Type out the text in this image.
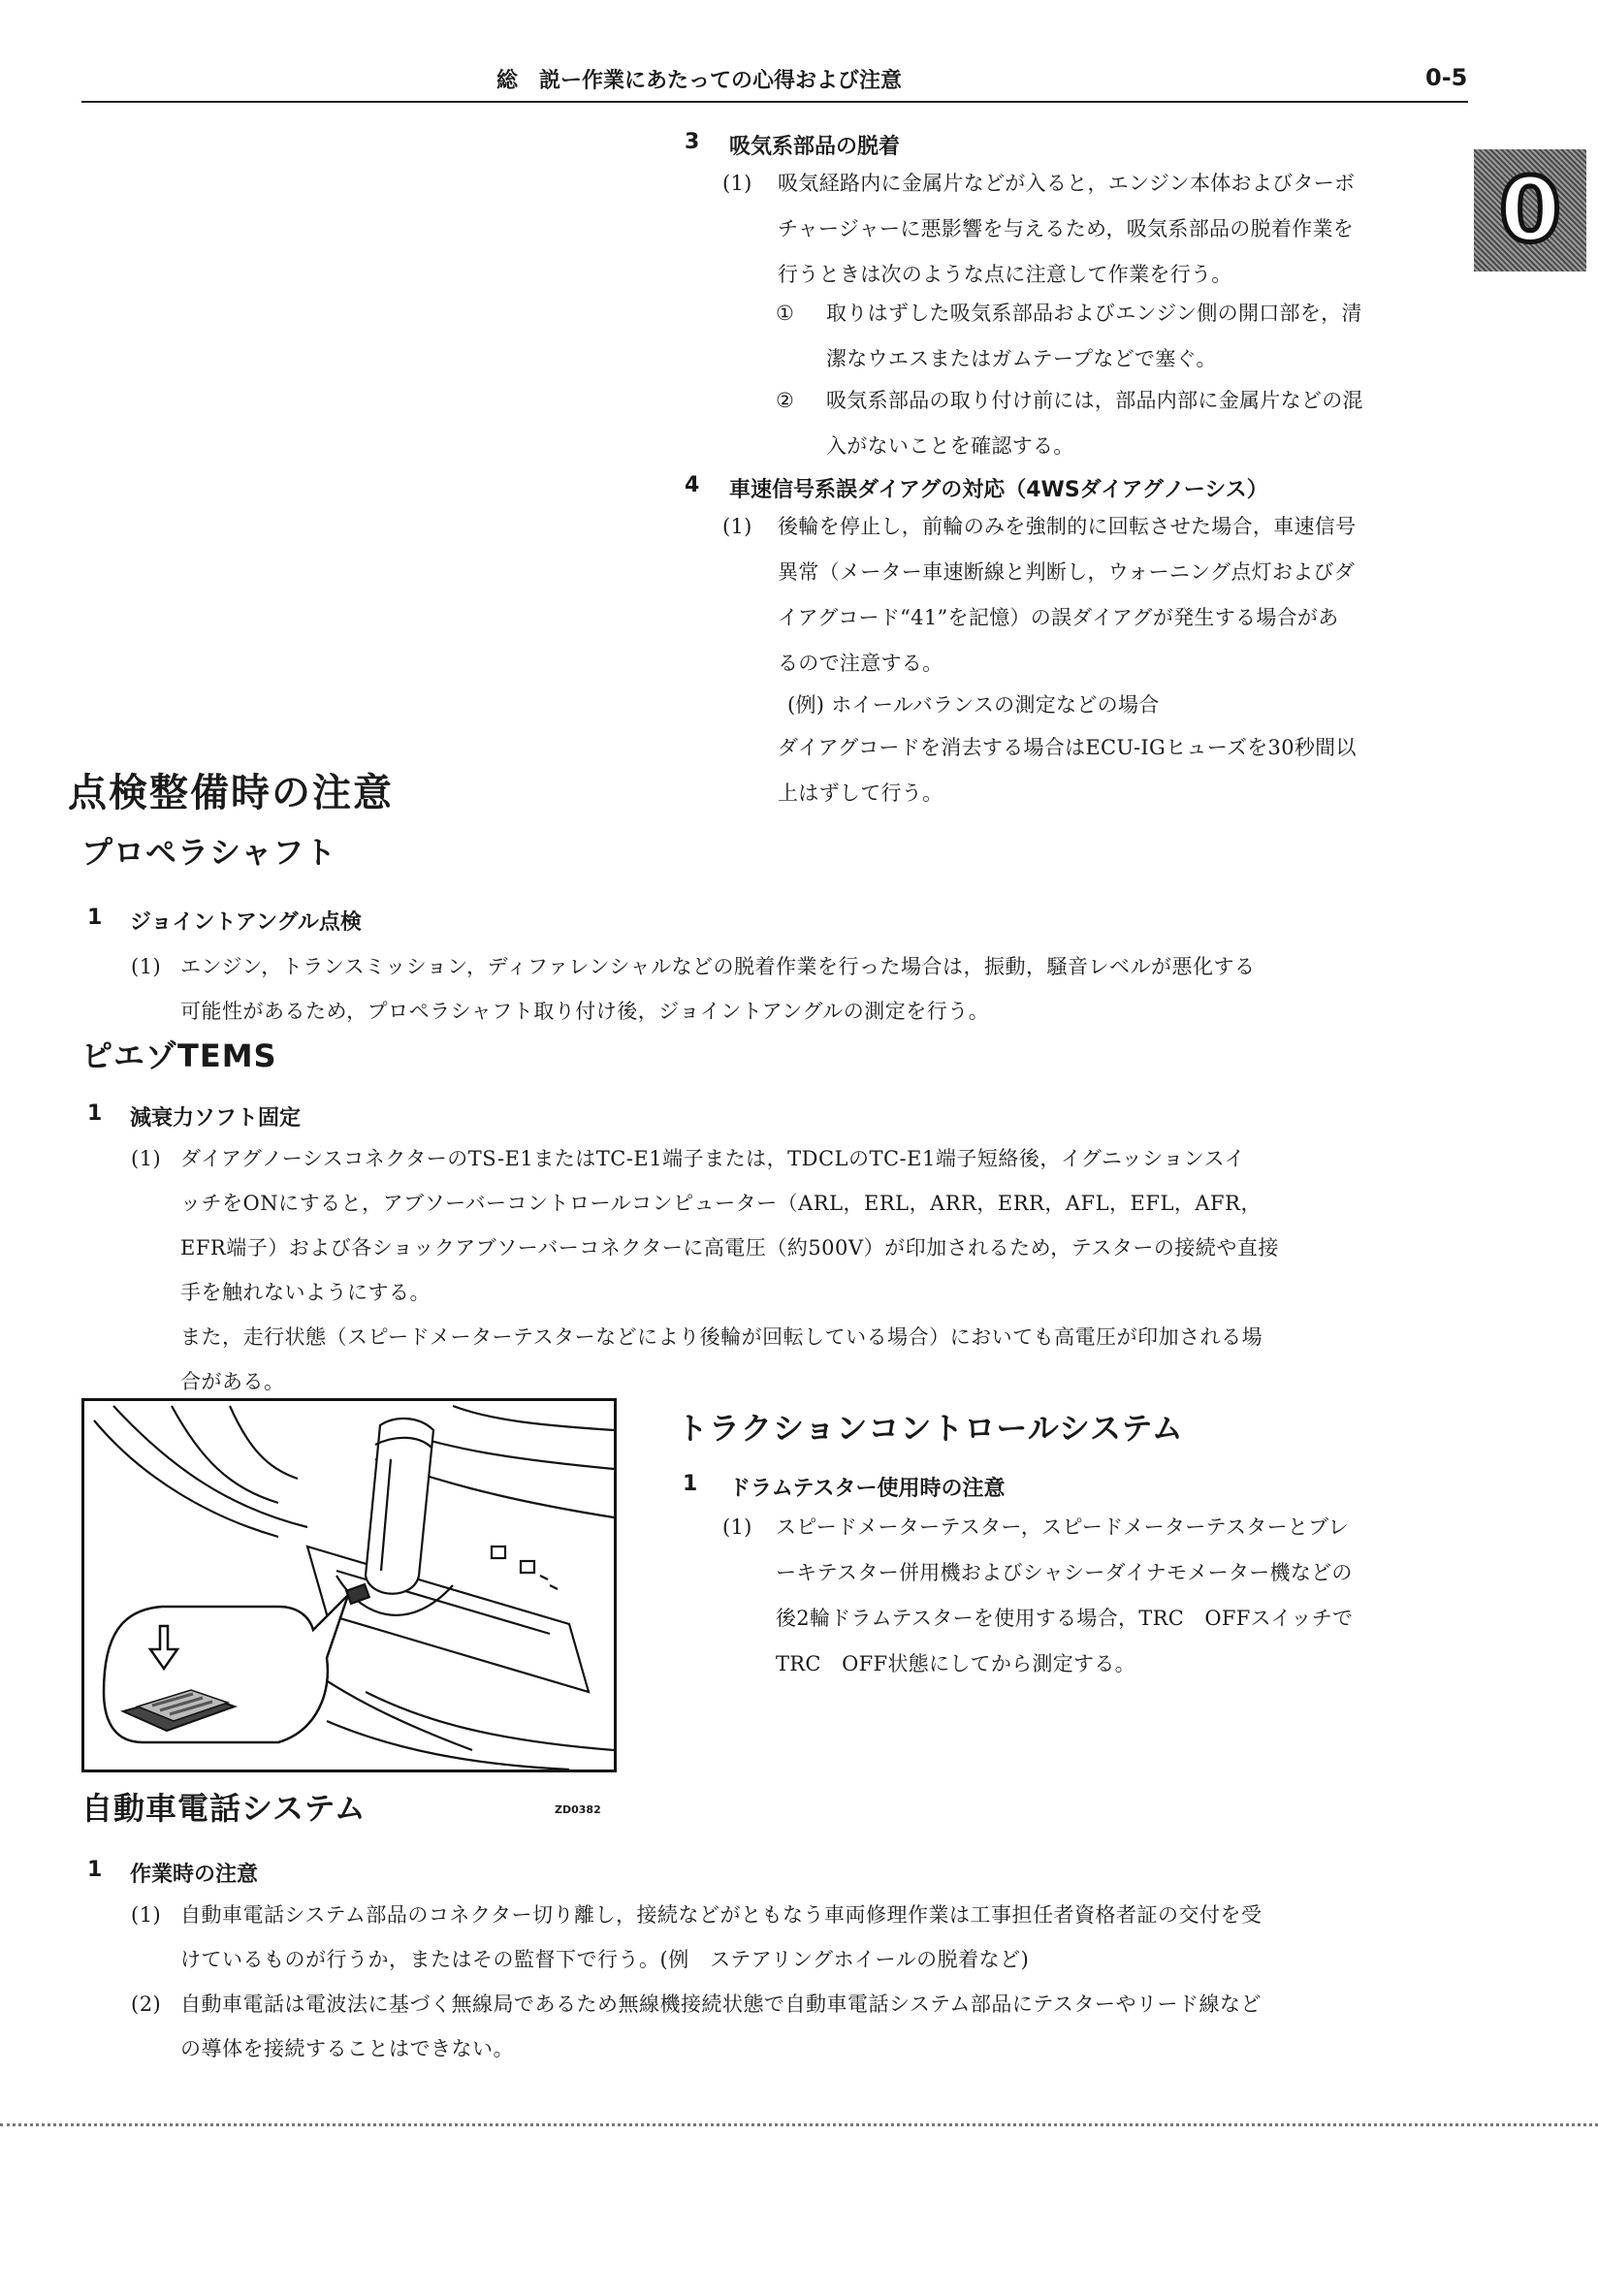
総　説ー作業にあたっての心得および注意	0-5
0
3 吸気系部品の脱着
(1) 吸気経路内に金属片などが入ると，エンジン本体およびターボ
チャージャーに悪影響を与えるため，吸気系部品の脱着作業を
行うときは次のような点に注意して作業を行う。
① 取りはずした吸気系部品およびエンジン側の開口部を，清
潔なウエスまたはガムテープなどで塞ぐ。
② 吸気系部品の取り付け前には，部品内部に金属片などの混
入がないことを確認する。
4 車速信号系誤ダイアグの対応（4WSダイアグノーシス）
(1) 後輪を停止し，前輪のみを強制的に回転させた場合，車速信号
異常（メーター車速断線と判断し，ウォーニング点灯およびダ
イアグコード“41”を記憶）の誤ダイアグが発生する場合があ
るので注意する。
(例) ホイールバランスの測定などの場合
ダイアグコードを消去する場合はECU-IGヒューズを30秒間以
上はずして行う。
点検整備時の注意
プロペラシャフト
1 ジョイントアングル点検
(1) エンジン，トランスミッション，ディファレンシャルなどの脱着作業を行った場合は，振動，騒音レベルが悪化する
可能性があるため，プロペラシャフト取り付け後，ジョイントアングルの測定を行う。
ピエゾTEMS
1 減衰力ソフト固定
(1) ダイアグノーシスコネクターのTS-E1またはTC-E1端子または，TDCLのTC-E1端子短絡後，イグニッションスイ
ッチをONにすると，アブソーバーコントロールコンピューター（ARL，ERL，ARR，ERR，AFL，EFL，AFR，
EFR端子）および各ショックアブソーバーコネクターに高電圧（約500V）が印加されるため，テスターの接続や直接
手を触れないようにする。
また，走行状態（スピードメーターテスターなどにより後輪が回転している場合）においても高電圧が印加される場
合がある。
ZD0382
トラクションコントロールシステム
1 ドラムテスター使用時の注意
(1) スピードメーターテスター，スピードメーターテスターとブレ
ーキテスター併用機およびシャシーダイナモメーター機などの
後2輪ドラムテスターを使用する場合，TRC　OFFスイッチで
TRC　OFF状態にしてから測定する。
自動車電話システム
1 作業時の注意
(1) 自動車電話システム部品のコネクター切り離し，接続などがともなう車両修理作業は工事担任者資格者証の交付を受
けているものが行うか，またはその監督下で行う。(例　ステアリングホイールの脱着など)
(2) 自動車電話は電波法に基づく無線局であるため無線機接続状態で自動車電話システム部品にテスターやリード線など
の導体を接続することはできない。
